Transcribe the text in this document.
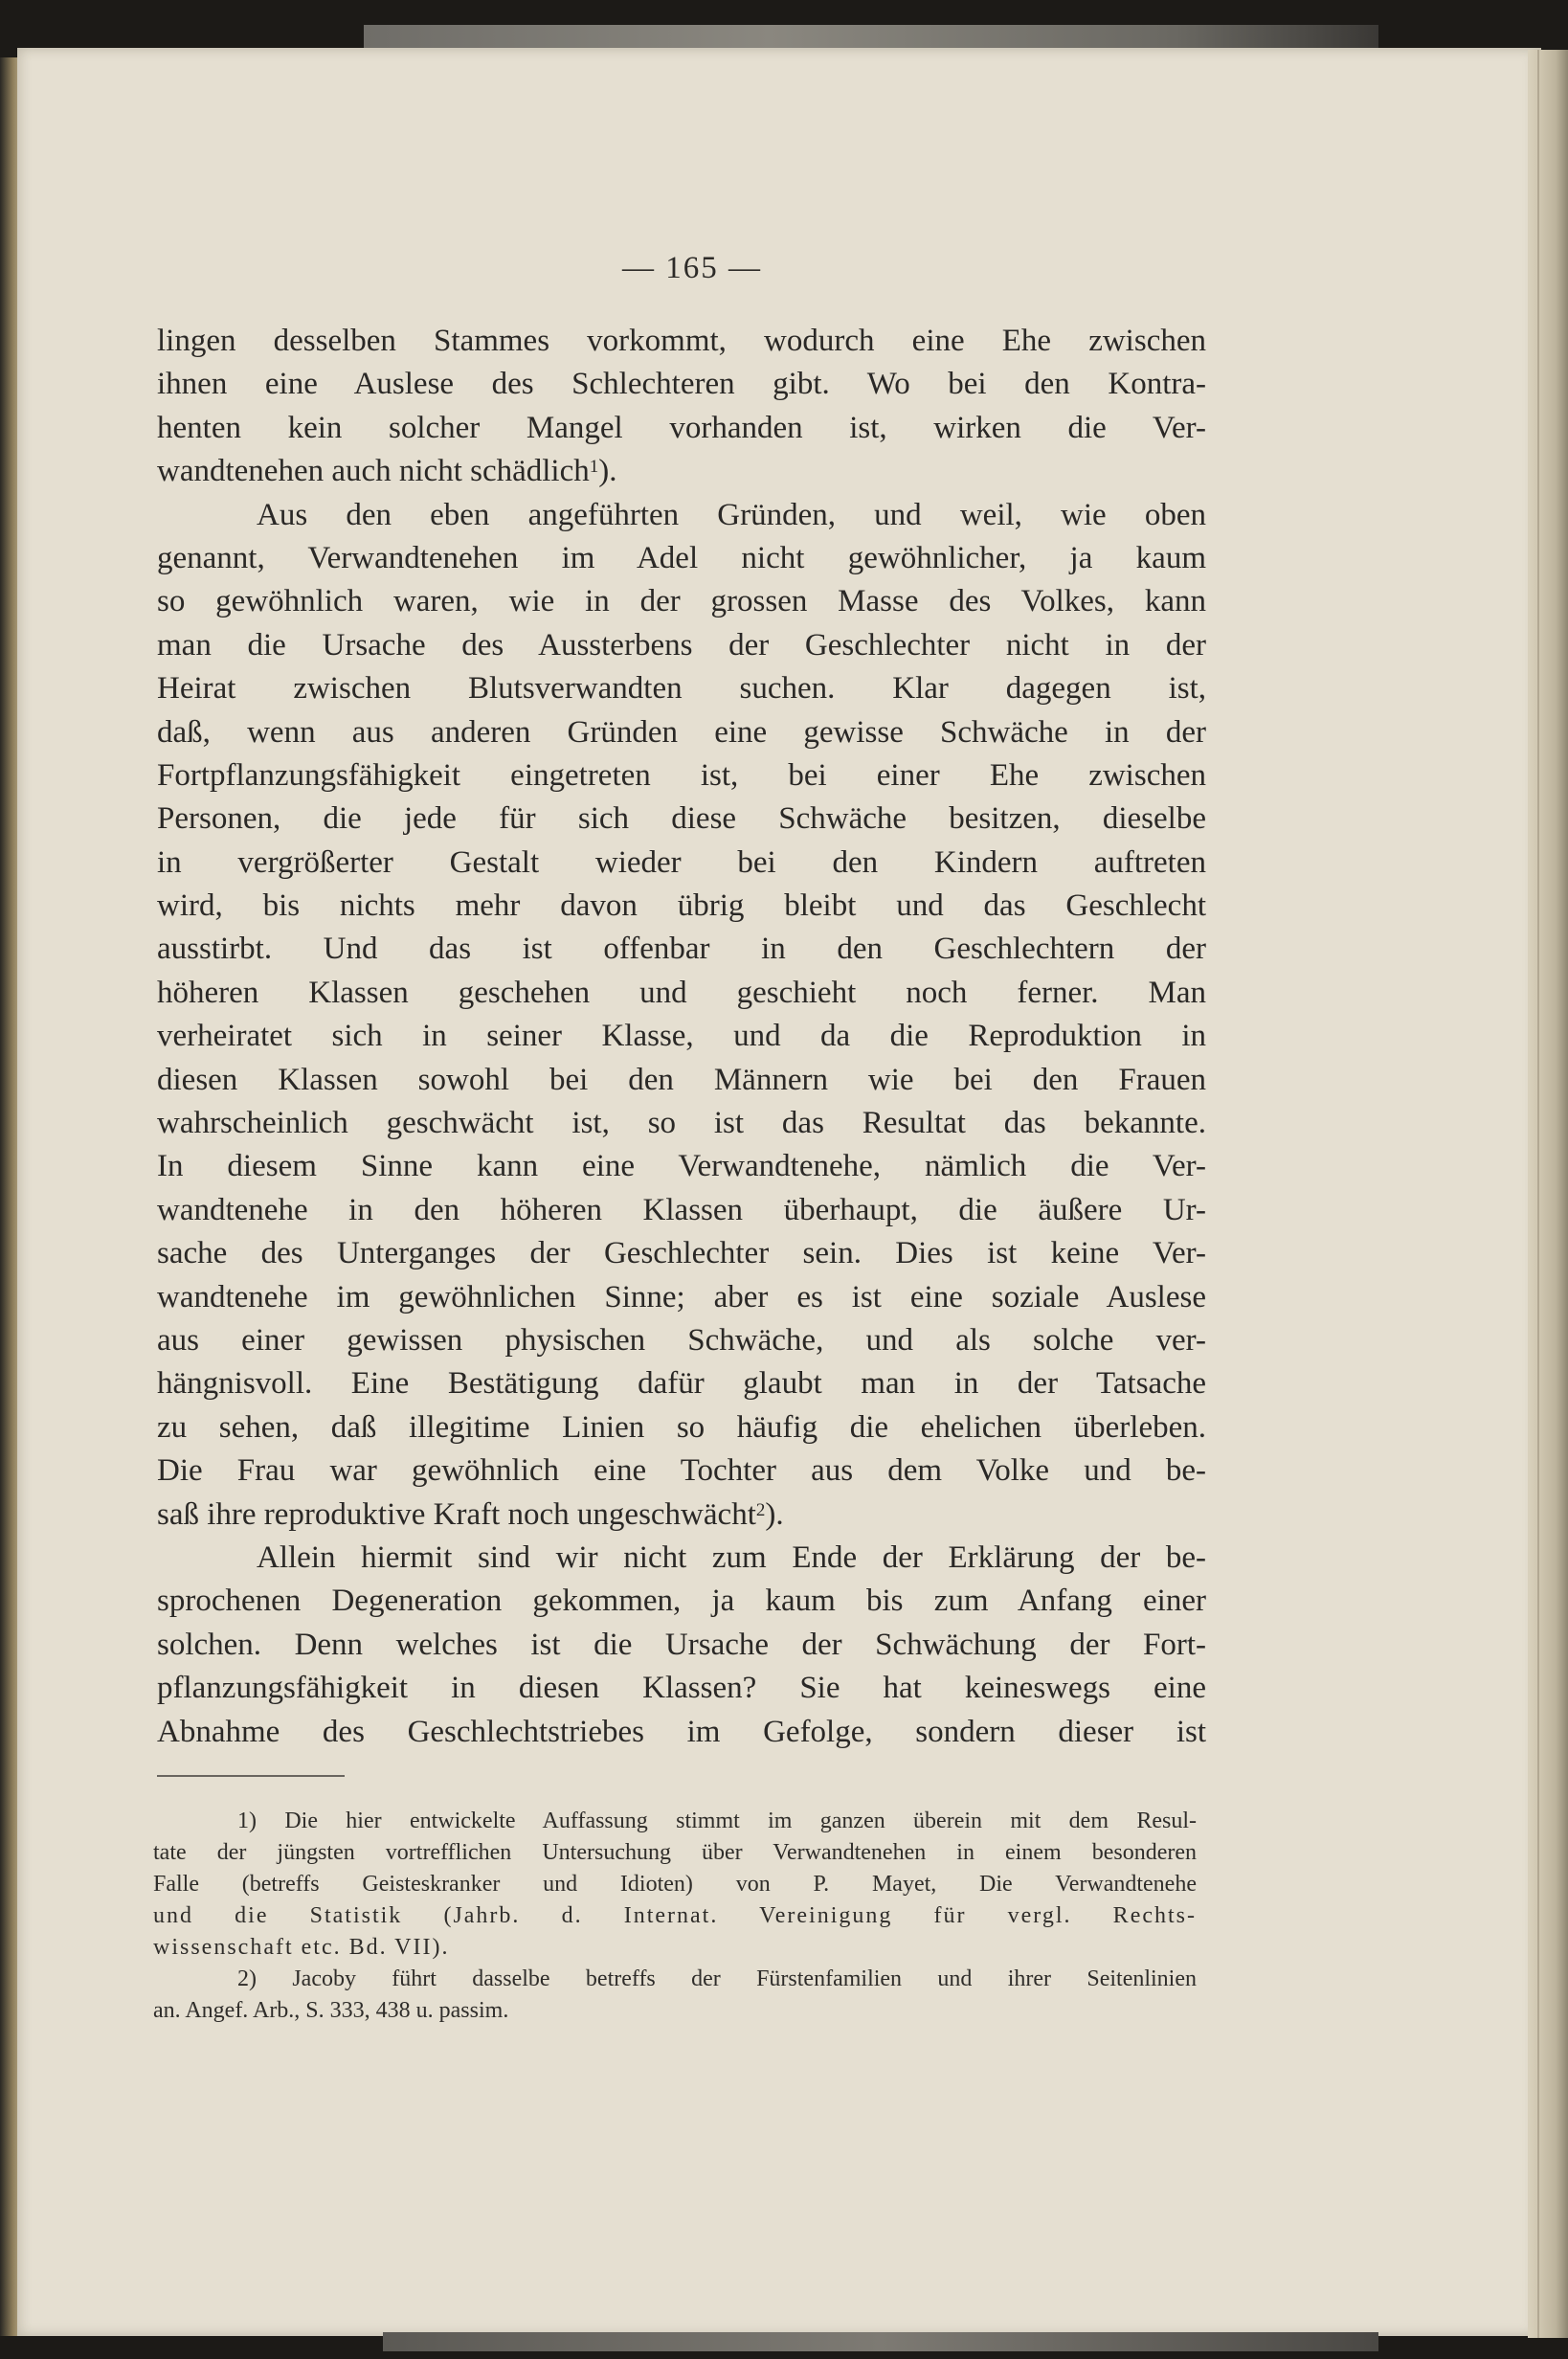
— 165 —
lingen desselben Stammes vorkommt, wodurch eine Ehe zwischen
ihnen eine Auslese des Schlechteren gibt. Wo bei den Kontra-
henten kein solcher Mangel vorhanden ist, wirken die Ver-
wandtenehen auch nicht schädlich$^1$).
Aus den eben angeführten Gründen, und weil, wie oben
genannt, Verwandtenehen im Adel nicht gewöhnlicher, ja kaum
so gewöhnlich waren, wie in der grossen Masse des Volkes, kann
man die Ursache des Aussterbens der Geschlechter nicht in der
Heirat zwischen Blutsverwandten suchen. Klar dagegen ist,
daß, wenn aus anderen Gründen eine gewisse Schwäche in der
Fortpflanzungsfähigkeit eingetreten ist, bei einer Ehe zwischen
Personen, die jede für sich diese Schwäche besitzen, dieselbe
in vergrößerter Gestalt wieder bei den Kindern auftreten
wird, bis nichts mehr davon übrig bleibt und das Geschlecht
ausstirbt. Und das ist offenbar in den Geschlechtern der
höheren Klassen geschehen und geschieht noch ferner. Man
verheiratet sich in seiner Klasse, und da die Reproduktion in
diesen Klassen sowohl bei den Männern wie bei den Frauen
wahrscheinlich geschwächt ist, so ist das Resultat das bekannte.
In diesem Sinne kann eine Verwandtenehe, nämlich die Ver-
wandtenehe in den höheren Klassen überhaupt, die äußere Ur-
sache des Unterganges der Geschlechter sein. Dies ist keine Ver-
wandtenehe im gewöhnlichen Sinne; aber es ist eine soziale Auslese
aus einer gewissen physischen Schwäche, und als solche ver-
hängnisvoll. Eine Bestätigung dafür glaubt man in der Tatsache
zu sehen, daß illegitime Linien so häufig die ehelichen überleben.
Die Frau war gewöhnlich eine Tochter aus dem Volke und be-
saß ihre reproduktive Kraft noch ungeschwächt$^2$).
Allein hiermit sind wir nicht zum Ende der Erklärung der be-
sprochenen Degeneration gekommen, ja kaum bis zum Anfang einer
solchen. Denn welches ist die Ursache der Schwächung der Fort-
pflanzungsfähigkeit in diesen Klassen? Sie hat keineswegs eine
Abnahme des Geschlechtstriebes im Gefolge, sondern dieser ist
1) Die hier entwickelte Auffassung stimmt im ganzen überein mit dem Resul-
tate der jüngsten vortrefflichen Untersuchung über Verwandtenehen in einem besonderen
Falle (betreffs Geisteskranker und Idioten) von P. Mayet, Die Verwandtenehe
und die Statistik (Jahrb. d. Internat. Vereinigung für vergl. Rechts-
wissenschaft etc. Bd. VII).
2) Jacoby führt dasselbe betreffs der Fürstenfamilien und ihrer Seitenlinien
an. Angef. Arb., S. 333, 438 u. passim.
